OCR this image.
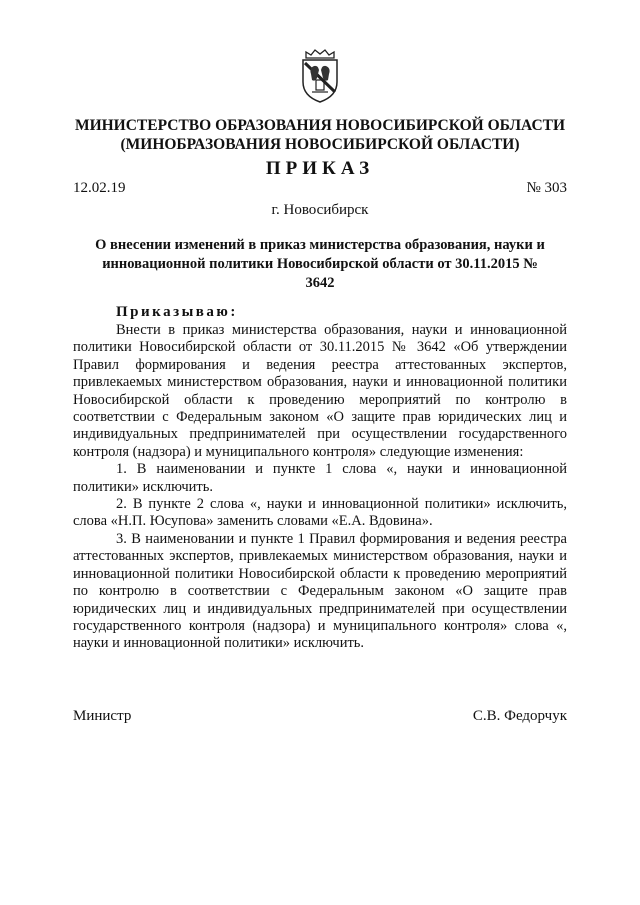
МИНИСТЕРСТВО ОБРАЗОВАНИЯ НОВОСИБИРСКОЙ ОБЛАСТИ
(МИНОБРАЗОВАНИЯ НОВОСИБИРСКОЙ ОБЛАСТИ)
ПРИКАЗ
12.02.19	№ 303
г. Новосибирск
О внесении изменений в приказ министерства образования, науки и инновационной политики Новосибирской области от 30.11.2015 № 3642
Приказываю:

Внести в приказ министерства образования, науки и инновационной политики Новосибирской области от 30.11.2015 № 3642 «Об утверждении Правил формирования и ведения реестра аттестованных экспертов, привлекаемых министерством образования, науки и инновационной политики Новосибирской области к проведению мероприятий по контролю в соответствии с Федеральным законом «О защите прав юридических лиц и индивидуальных предпринимателей при осуществлении государственного контроля (надзора) и муниципального контроля» следующие изменения:

1. В наименовании и пункте 1 слова «, науки и инновационной политики» исключить.

2. В пункте 2 слова «, науки и инновационной политики» исключить, слова «Н.П. Юсупова» заменить словами «Е.А. Вдовина».

3. В наименовании и пункте 1 Правил формирования и ведения реестра аттестованных экспертов, привлекаемых министерством образования, науки и инновационной политики Новосибирской области к проведению мероприятий по контролю в соответствии с Федеральным законом «О защите прав юридических лиц и индивидуальных предпринимателей при осуществлении государственного контроля (надзора) и муниципального контроля» слова «, науки и инновационной политики» исключить.

Министр	С.В. Федорчук
